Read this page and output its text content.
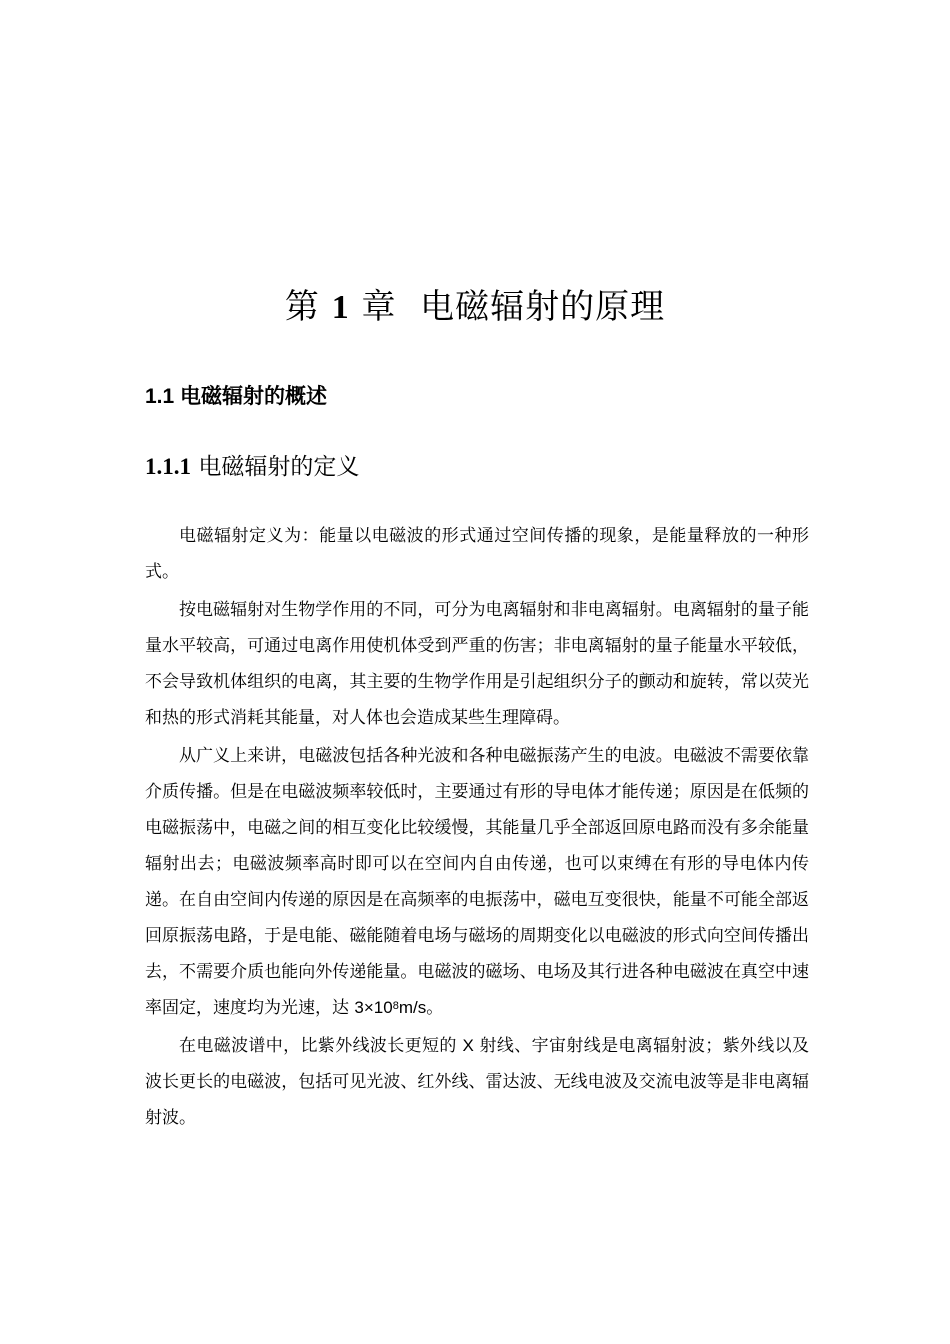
第 1 章 电磁辐射的原理
1.1 电磁辐射的概述
1.1.1 电磁辐射的定义

电磁辐射定义为：能量以电磁波的形式通过空间传播的现象，是能量释放的一种形式。

按电磁辐射对生物学作用的不同，可分为电离辐射和非电离辐射。电离辐射的量子能量水平较高，可通过电离作用使机体受到严重的伤害；非电离辐射的量子能量水平较低，不会导致机体组织的电离，其主要的生物学作用是引起组织分子的颤动和旋转，常以荧光和热的形式消耗其能量，对人体也会造成某些生理障碍。

从广义上来讲，电磁波包括各种光波和各种电磁振荡产生的电波。电磁波不需要依靠介质传播。但是在电磁波频率较低时，主要通过有形的导电体才能传递；原因是在低频的电磁振荡中，电磁之间的相互变化比较缓慢，其能量几乎全部返回原电路而没有多余能量辐射出去；电磁波频率高时即可以在空间内自由传递，也可以束缚在有形的导电体内传递。在自由空间内传递的原因是在高频率的电振荡中，磁电互变很快，能量不可能全部返回原振荡电路，于是电能、磁能随着电场与磁场的周期变化以电磁波的形式向空间传播出去，不需要介质也能向外传递能量。电磁波的磁场、电场及其行进各种电磁波在真空中速率固定，速度均为光速，达 $3\times 10^8m/s$。

在电磁波谱中，比紫外线波长更短的 X 射线、宇宙射线是电离辐射波；紫外线以及波长更长的电磁波，包括可见光波、红外线、雷达波、无线电波及交流电波等是非电离辐射波。
